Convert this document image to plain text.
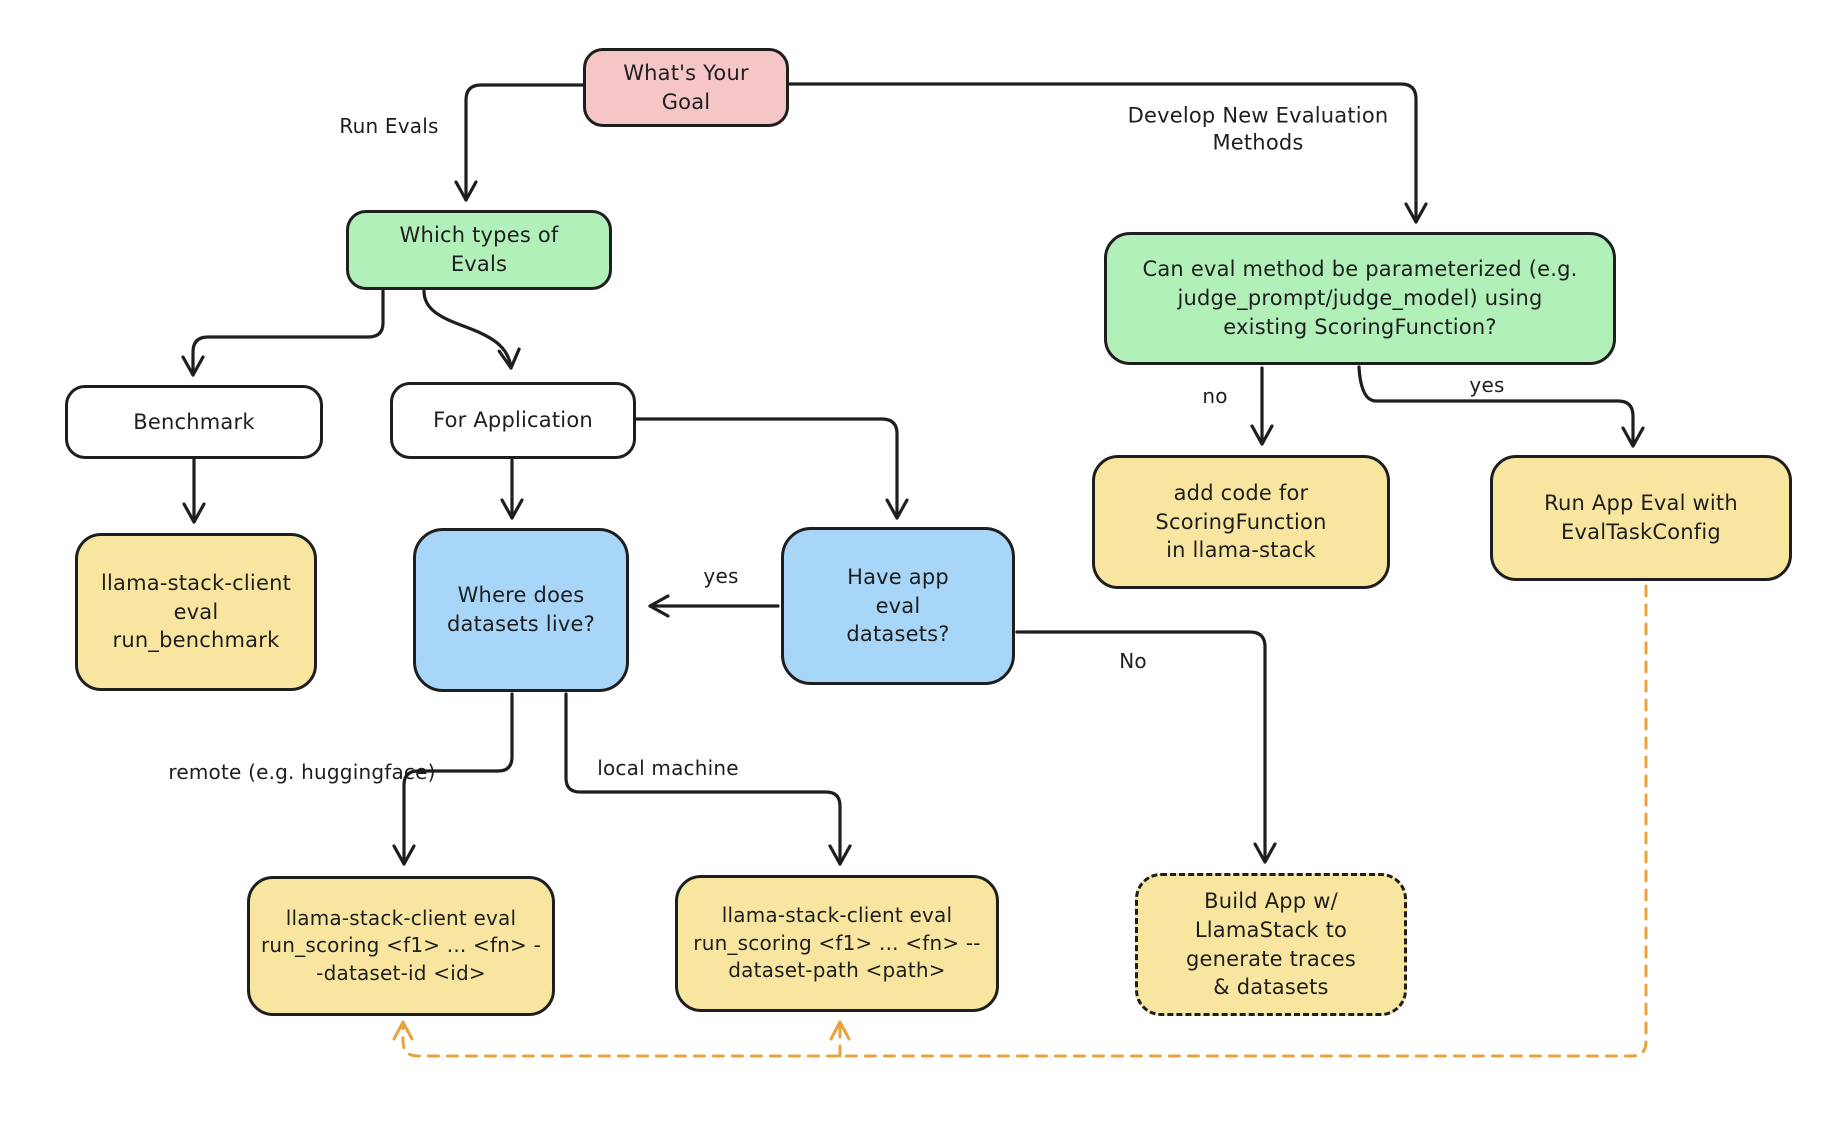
What's Your Goal
Which types of Evals	Can eval method be parameterized (e.g. judge_prompt/judge_model) using existing ScoringFunction?
Benchmark	For Application
llama-stack-client eval run_benchmark
Where does datasets live?
Have app eval datasets?
add code for ScoringFunction in llama-stack
Run App Eval with EvalTaskConfig
llama-stack-client eval run_scoring <f1> ... <fn> --dataset-id <id>
llama-stack-client eval run_scoring <f1> ... <fn> --dataset-path <path>
Build App w/ LlamaStack to generate traces & datasets
Run Evals	Develop New Evaluation Methods
no	yes
yes
No
remote (e.g. huggingface)	local machine
